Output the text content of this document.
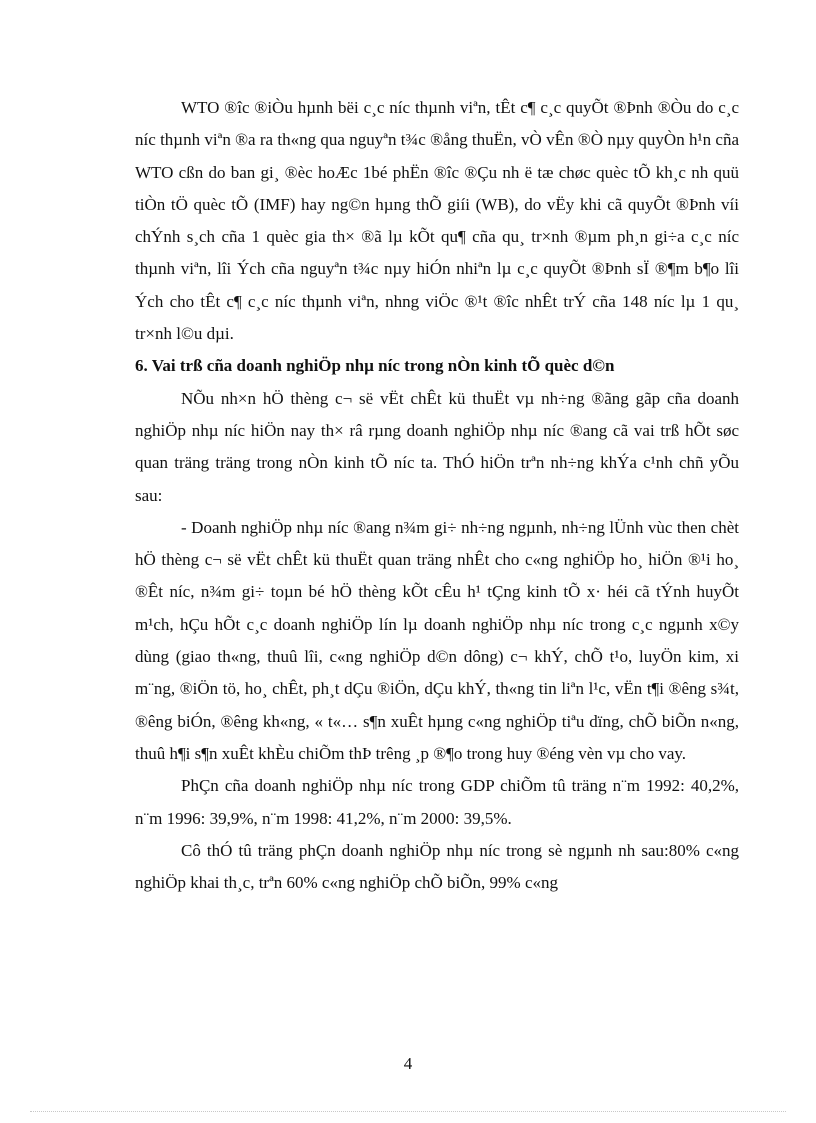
WTO ®îc ®iÒu hµnh bëi c¸c níc thµnh viªn, tÊt c¶ c¸c quyÕt ®Þnh ®Òu do c¸c níc thµnh viªn ®a ra th«ng qua nguyªn t¾c ®ång thuËn, vÒ vÊn ®Ò nµy quyÒn h¹n cña WTO cßn do ban gi¸ ®èc hoÆc 1bé phËn ®îc ®Çu nh ë tæ chøc quèc tÕ kh¸c nh quü tiÒn tÖ quèc tÕ (IMF) hay ng©n hµng thÕ giíi (WB), do vËy khi cã quyÕt ®Þnh víi chÝnh s¸ch cña 1 quèc gia th× ®ã lµ kÕt qu¶ cña qu¸ tr×nh ®µm ph¸n gi÷a c¸c níc thµnh viªn, lîi Ých cña nguyªn t¾c nµy hiÓn nhiªn lµ c¸c quyÕt ®Þnh sÏ ®¶m b¶o lîi Ých cho tÊt c¶ c¸c níc thµnh viªn, nhng viÖc ®¹t ®îc nhÊt trÝ cña 148 níc lµ 1 qu¸ tr×nh l©u dµi.

6. Vai trß cña doanh nghiÖp nhµ níc trong nÒn kinh tÕ quèc d©n

NÕu nh×n hÖ thèng c¬ së vËt chÊt kü thuËt vµ nh÷ng ®ãng gãp cña doanh nghiÖp nhµ níc hiÖn nay th× râ rµng doanh nghiÖp nhµ níc ®ang cã vai trß hÕt søc quan träng träng trong nÒn kinh tÕ níc ta. ThÓ hiÖn trªn nh÷ng khÝa c¹nh chñ yÕu sau:

- Doanh nghiÖp nhµ níc ®ang n¾m gi÷ nh÷ng ngµnh, nh÷ng lÜnh vùc then chèt hÖ thèng c¬ së vËt chÊt kü thuËt quan träng nhÊt cho c«ng nghiÖp ho¸ hiÖn ®¹i ho¸ ®Êt níc, n¾m gi÷ toµn bé hÖ thèng kÕt cÊu h¹ tÇng kinh tÕ x· héi cã tÝnh huyÕt m¹ch, hÇu hÕt c¸c doanh nghiÖp lín lµ doanh nghiÖp nhµ níc trong c¸c ngµnh x©y dùng (giao th«ng, thuû lîi, c«ng nghiÖp d©n dông) c¬ khÝ, chÕ t¹o, luyÖn kim, xi m¨ng, ®iÖn tö, ho¸ chÊt, ph¸t dÇu ®iÖn, dÇu khÝ, th«ng tin liªn l¹c, vËn t¶i ®êng s¾t, ®êng biÓn, ®êng kh«ng, « t«… s¶n xuÊt hµng c«ng nghiÖp tiªu dïng, chÕ biÕn n«ng, thuû h¶i s¶n xuÊt khÈu chiÕm thÞ trêng ¸p ®¶o trong huy ®éng vèn vµ cho vay.

PhÇn cña doanh nghiÖp nhµ níc trong GDP chiÕm tû träng n¨m 1992: 40,2%, n¨m 1996: 39,9%, n¨m 1998: 41,2%, n¨m 2000: 39,5%.

Cô thÓ tû träng phÇn doanh nghiÖp nhµ níc trong sè ngµnh nh sau:80% c«ng nghiÖp khai th¸c, trªn 60% c«ng nghiÖp chÕ biÕn, 99% c«ng

4
